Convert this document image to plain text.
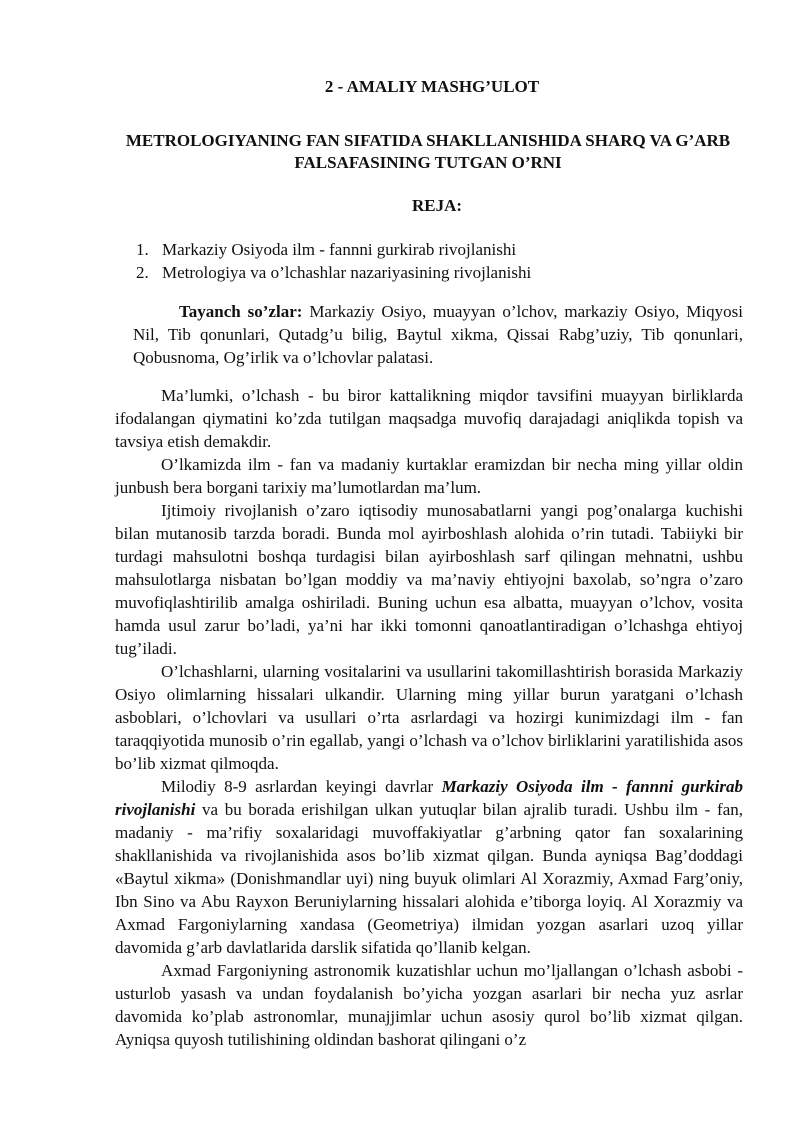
2 - AMALIY MASHG’ULOT
METROLOGIYANING FAN SIFATIDA SHAKLLANISHIDA SHARQ VA G’ARB FALSAFASINING TUTGAN O’RNI
REJA:
1. Markaziy Osiyoda ilm - fannni gurkirab rivojlanishi
2. Metrologiya va o’lchashlar nazariyasining rivojlanishi
Tayanch so’zlar: Markaziy Osiyo, muayyan o’lchov, markaziy Osiyo, Miqyosi Nil, Tib qonunlari, Qutadg’u bilig, Baytul xikma, Qissai Rabg’uziy, Tib qonunlari, Qobusnoma, Og’irlik va o’lchovlar palatasi.

Ma’lumki, o’lchash - bu biror kattalikning miqdor tavsifini muayyan birliklarda ifodalangan qiymatini ko’zda tutilgan maqsadga muvofiq darajadagi aniqlikda topish va tavsiya etish demakdir.

O’lkamizda ilm - fan va madaniy kurtaklar eramizdan bir necha ming yillar oldin junbush bera borgani tarixiy ma’lumotlardan ma’lum.

Ijtimoiy rivojlanish o’zaro iqtisodiy munosabatlarni yangi pog’onalarga kuchishi bilan mutanosib tarzda boradi. Bunda mol ayirboshlash alohida o’rin tutadi. Tabiiyki bir turdagi mahsulotni boshqa turdagisi bilan ayirboshlash sarf qilingan mehnatni, ushbu mahsulotlarga nisbatan bo’lgan moddiy va ma’naviy ehtiyojni baxolab, so’ngra o’zaro muvofiqlashtirilib amalga oshiriladi. Buning uchun esa albatta, muayyan o’lchov, vosita hamda usul zarur bo’ladi, ya’ni har ikki tomonni qanoatlantiradigan o’lchashga ehtiyoj tug’iladi.

O’lchashlarni, ularning vositalarini va usullarini takomillashtirish borasida Markaziy Osiyo olimlarning hissalari ulkandir. Ularning ming yillar burun yaratgani o’lchash asboblari, o’lchovlari va usullari o’rta asrlardagi va hozirgi kunimizdagi ilm - fan taraqqiyotida munosib o’rin egallab, yangi o’lchash va o’lchov birliklarini yaratilishida asos bo’lib xizmat qilmoqda.

Milodiy 8-9 asrlardan keyingi davrlar Markaziy Osiyoda ilm - fannni gurkirab rivojlanishi va bu borada erishilgan ulkan yutuqlar bilan ajralib turadi. Ushbu ilm - fan, madaniy - ma’rifiy soxalaridagi muvoffakiyatlar g’arbning qator fan soxalarining shakllanishida va rivojlanishida asos bo’lib xizmat qilgan. Bunda ayniqsa Bag’doddagi «Baytul xikma» (Donishmandlar uyi) ning buyuk olimlari Al Xorazmiy, Axmad Farg’oniy, Ibn Sino va Abu Rayxon Beruniylarning hissalari alohida e’tiborga loyiq. Al Xorazmiy va Axmad Fargoniylarning xandasa (Geometriya) ilmidan yozgan asarlari uzoq yillar davomida g’arb davlatlarida darslik sifatida qo’llanib kelgan.

Axmad Fargoniyning astronomik kuzatishlar uchun mo’ljallangan o’lchash asbobi - usturlob yasash va undan foydalanish bo’yicha yozgan asarlari bir necha yuz asrlar davomida ko’plab astronomlar, munajjimlar uchun asosiy qurol bo’lib xizmat qilgan. Ayniqsa quyosh tutilishining oldindan bashorat qilingani o’z
